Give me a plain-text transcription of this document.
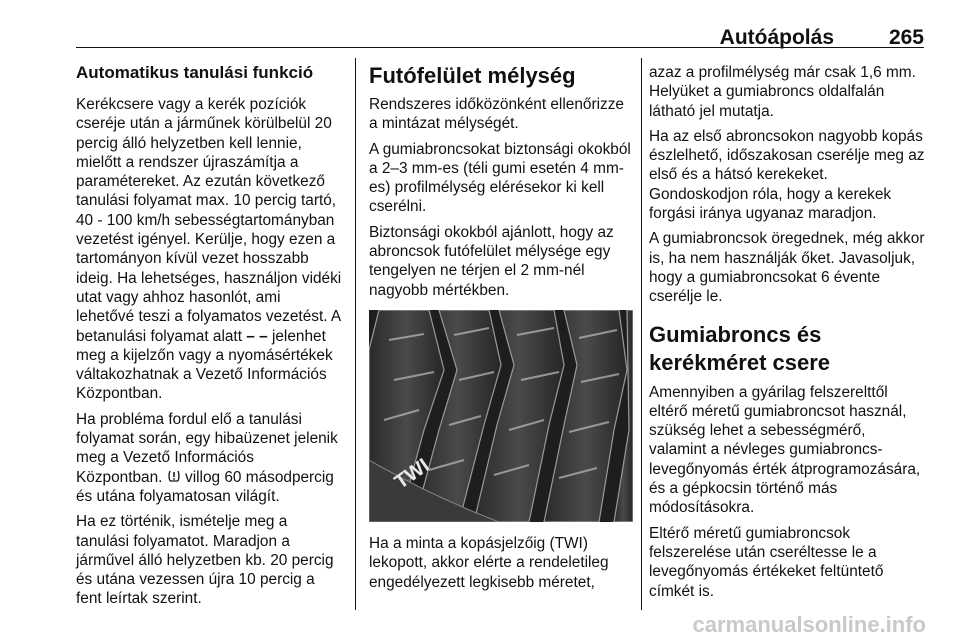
Autóápolás	265
Automatikus tanulási funkció

Kerékcsere vagy a kerék pozíciók cseréje után a járműnek körülbelül 20 percig álló helyzetben kell lennie, mielőtt a rendszer újraszámítja a paramétereket. Az ezután következő tanulási folyamat max. 10 percig tartó, 40 - 100 km/h sebességtartományban vezetést igényel. Kerülje, hogy ezen a tartományon kívül vezet hosszabb ideig. Ha lehetséges, használjon vidéki utat vagy ahhoz hasonlót, ami lehetővé teszi a folyamatos vezetést. A betanulási folyamat alatt – – jelenhet meg a kijelzőn vagy a nyomásértékek váltakozhatnak a Vezető Információs Központban.

Ha probléma fordul elő a tanulási folyamat során, egy hibaüzenet jelenik meg a Vezető Információs Központban. villog 60 másodpercig és utána folyamatosan világít.

Ha ez történik, ismételje meg a tanulási folyamatot. Maradjon a járművel álló helyzetben kb. 20 percig és utána vezessen újra 10 percig a fent leírtak szerint.

Futófelület mélység

Rendszeres időközönként ellenőrizze a mintázat mélységét.

A gumiabroncsokat biztonsági okokból a 2–3 mm-es (téli gumi esetén 4 mm-es) profilmélység elérésekor ki kell cserélni.

Biztonsági okokból ajánlott, hogy az abroncsok futófelület mélysége egy tengelyen ne térjen el 2 mm-nél nagyobb mértékben.

TWI

Ha a minta a kopásjelzőig (TWI) lekopott, akkor elérte a rendeletileg engedélyezett legkisebb méretet,

azaz a profilmélység már csak 1,6 mm. Helyüket a gumiabroncs oldalfalán látható jel mutatja.

Ha az első abroncsokon nagyobb kopás észlelhető, időszakosan cserélje meg az első és a hátsó kerekeket. Gondoskodjon róla, hogy a kerekek forgási iránya ugyanaz maradjon.

A gumiabroncsok öregednek, még akkor is, ha nem használják őket. Javasoljuk, hogy a gumiabroncsokat 6 évente cserélje le.

Gumiabroncs és
kerékméret csere

Amennyiben a gyárilag felszerelttől eltérő méretű gumiabroncsot használ, szükség lehet a sebességmérő, valamint a névleges gumiabroncs-levegőnyomás érték átprogramozására, és a gépkocsin történő más módosításokra.

Eltérő méretű gumiabroncsok felszerelése után cseréltesse le a levegőnyomás értékeket feltüntető címkét is.

carmanualsonline.info
